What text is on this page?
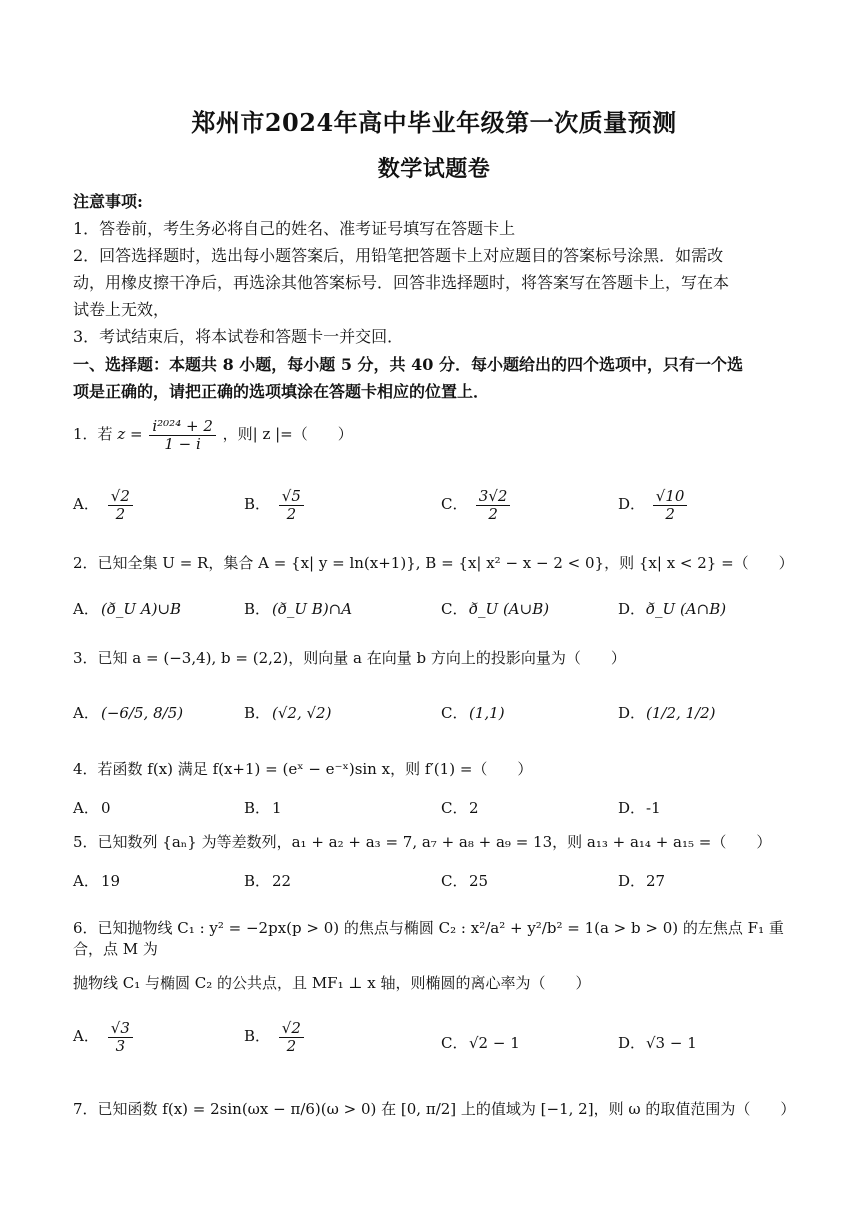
郑州市2024年高中毕业年级第一次质量预测
数学试题卷
注意事项:
1．答卷前，考生务必将自己的姓名、准考证号填写在答题卡上
2．回答选择题时，选出每小题答案后，用铅笔把答题卡上对应题目的答案标号涂黑．如需改
动，用橡皮擦干净后，再选涂其他答案标号．回答非选择题时，将答案写在答题卡上，写在本
试卷上无效，
3．考试结束后，将本试卷和答题卡一并交回．
一、选择题：本题共 8 小题，每小题 5 分，共 40 分．每小题给出的四个选项中，只有一个选
项是正确的，请把正确的选项填涂在答题卡相应的位置上．
1．若 $z = \frac{\text{i²⁰²⁴ + 2}}{1 - i}$ ，则| z |=（　　）
A． $\frac{√2}{2}$	B． $\frac{√5}{2}$	C． $\frac{3√2}{2}$	D． $\frac{√10}{2}$
2．已知全集 U = R，集合 A = {x| y = ln(x+1)}, B = {x| x² − x − 2 < 0}，则 {x| x < 2} =（　　）
A． (ð_U A)∪B	B． (ð_U B)∩A	C． ð_U (A∪B)	D．ð_U (A∩B)
3．已知 a = (−3,4), b = (2,2)，则向量 a 在向量 b 方向上的投影向量为（　　）
A． (−6/5, 8/5)	B． (√2, √2)	C． (1,1)	D．(1/2, 1/2)
4．若函数 f(x) 满足 f(x+1) = (eˣ − e⁻ˣ)sin x，则 f′(1) =（　　）
A． 0	B． 1	C． 2	D．-1
5．已知数列 {aₙ} 为等差数列，a₁ + a₂ + a₃ = 7, a₇ + a₈ + a₉ = 13，则 a₁₃ + a₁₄ + a₁₅ =（　　）
A． 19	B． 22	C． 25	D．27
6．已知抛物线 C₁ : y² = −2px(p > 0) 的焦点与椭圆 C₂ : x²/a² + y²/b² = 1(a > b > 0) 的左焦点 F₁ 重合，点 M 为
抛物线 C₁ 与椭圆 C₂ 的公共点，且 MF₁ ⊥ x 轴，则椭圆的离心率为（　　）
A． $\frac{√3}{3}$	B． $\frac{√2}{2}$	C． √2 − 1	D．√3 − 1
7．已知函数 f(x) = 2sin(ωx − π/6)(ω > 0) 在 [0, π/2] 上的值域为 [−1, 2]，则 ω 的取值范围为（　　）
